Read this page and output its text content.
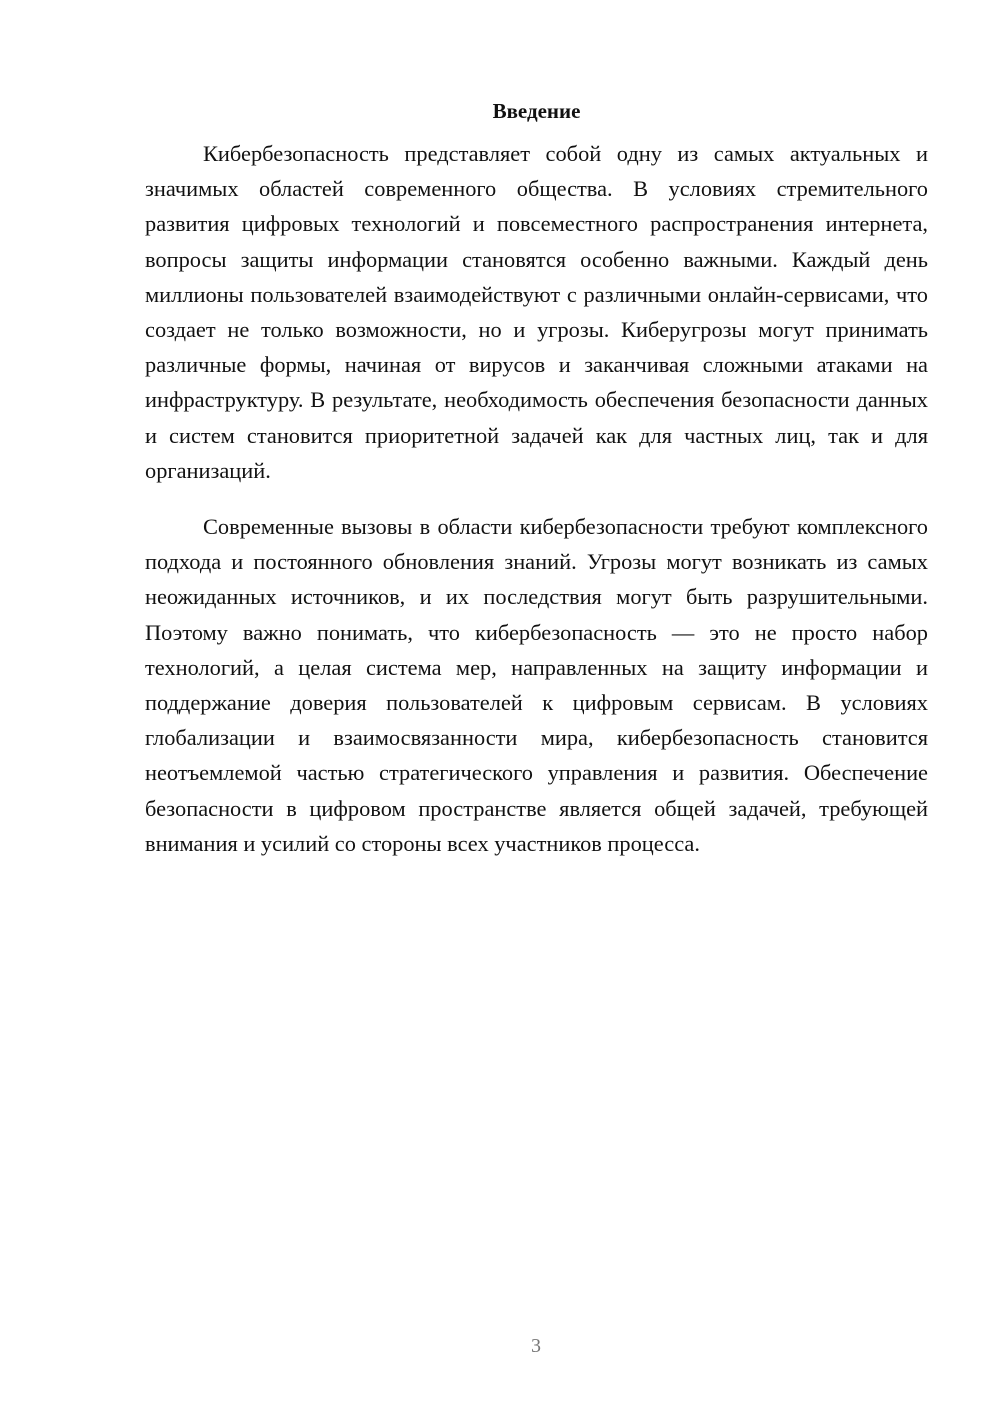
Введение

Кибербезопасность представляет собой одну из самых актуальных и значимых областей современного общества. В условиях стремительного развития цифровых технологий и повсеместного распространения интернета, вопросы защиты информации становятся особенно важными. Каждый день миллионы пользователей взаимодействуют с различными онлайн-сервисами, что создает не только возможности, но и угрозы. Киберугрозы могут принимать различные формы, начиная от вирусов и заканчивая сложными атаками на инфраструктуру. В результате, необходимость обеспечения безопасности данных и систем становится приоритетной задачей как для частных лиц, так и для организаций.

Современные вызовы в области кибербезопасности требуют комплексного подхода и постоянного обновления знаний. Угрозы могут возникать из самых неожиданных источников, и их последствия могут быть разрушительными. Поэтому важно понимать, что кибербезопасность — это не просто набор технологий, а целая система мер, направленных на защиту информации и поддержание доверия пользователей к цифровым сервисам. В условиях глобализации и взаимосвязанности мира, кибербезопасность становится неотъемлемой частью стратегического управления и развития. Обеспечение безопасности в цифровом пространстве является общей задачей, требующей внимания и усилий со стороны всех участников процесса.

3
